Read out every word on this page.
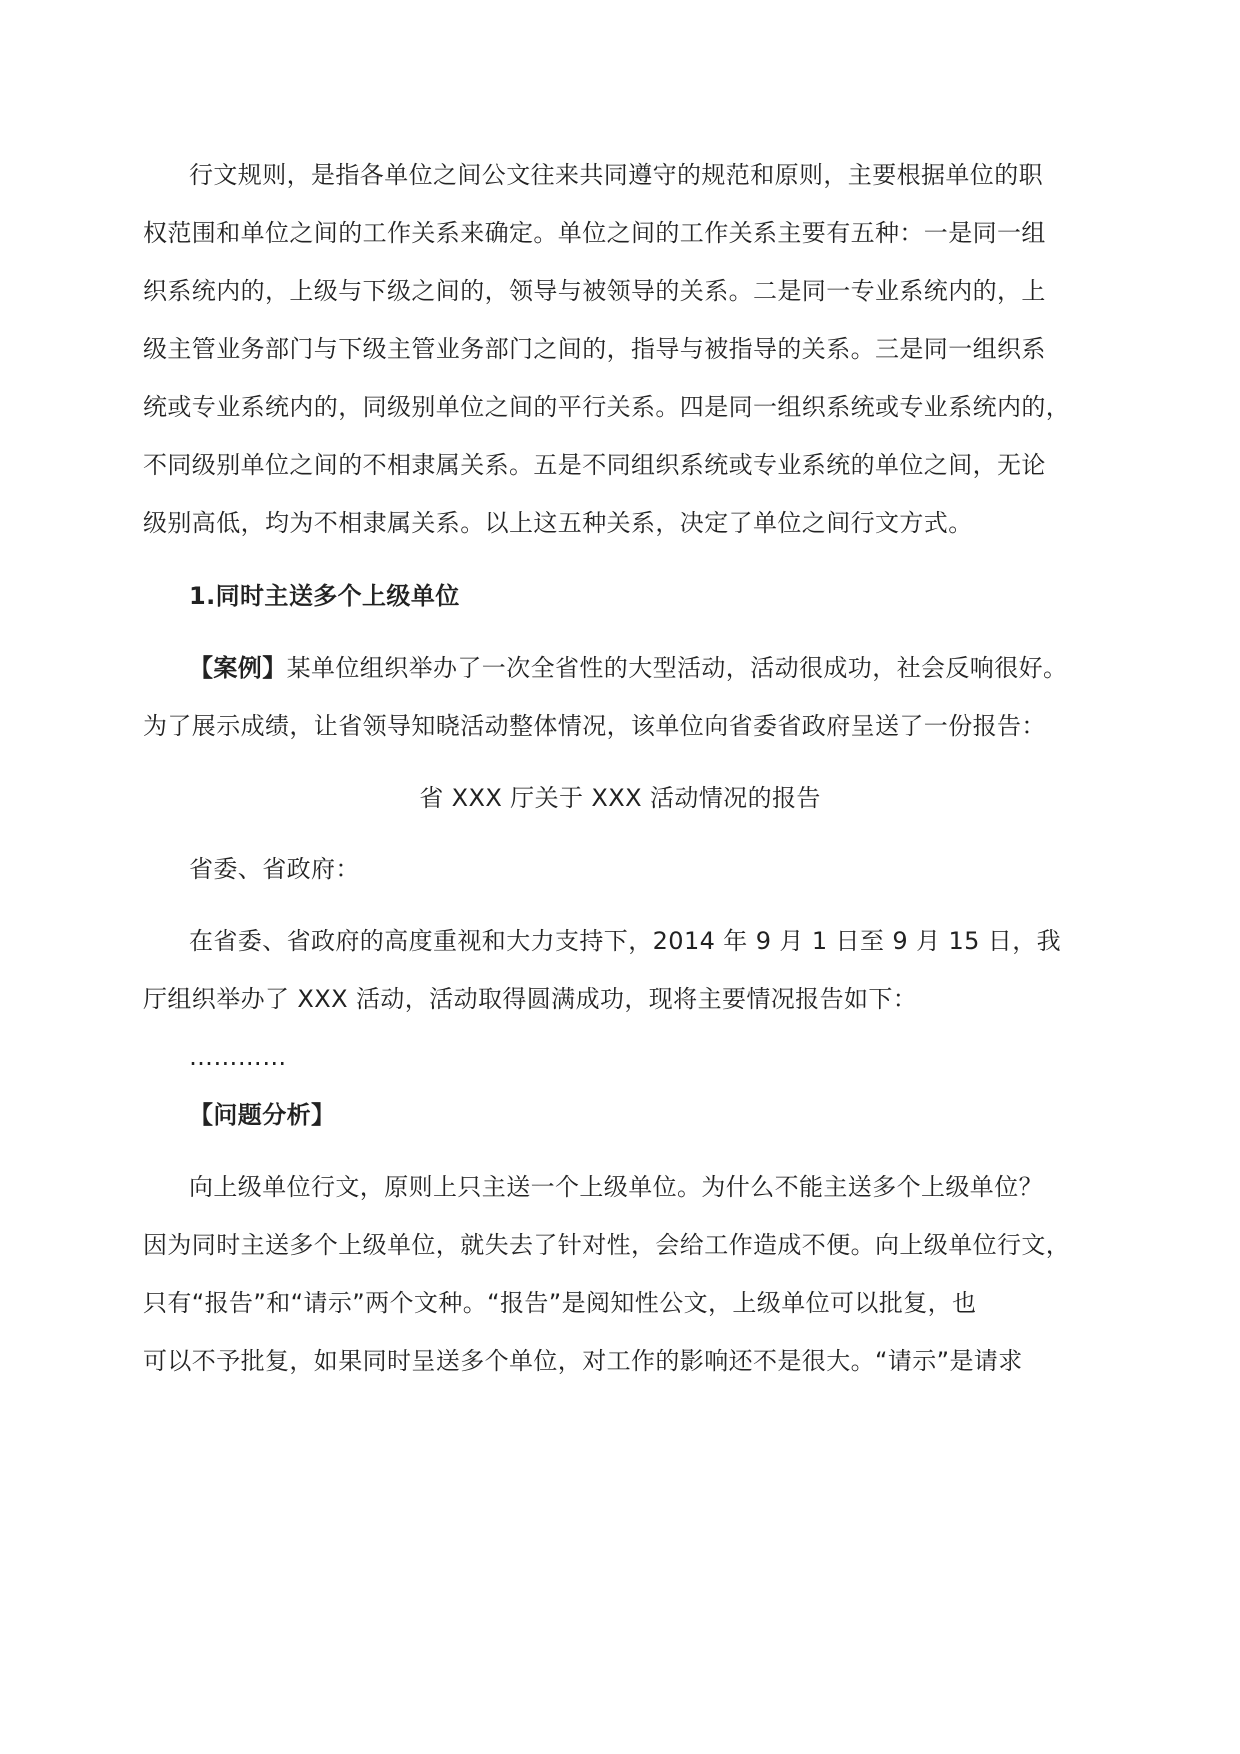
行文规则，是指各单位之间公文往来共同遵守的规范和原则，主要根据单位的职

权范围和单位之间的工作关系来确定。单位之间的工作关系主要有五种：一是同一组

织系统内的，上级与下级之间的，领导与被领导的关系。二是同一专业系统内的，上

级主管业务部门与下级主管业务部门之间的，指导与被指导的关系。三是同一组织系

统或专业系统内的，同级别单位之间的平行关系。四是同一组织系统或专业系统内的，

不同级别单位之间的不相隶属关系。五是不同组织系统或专业系统的单位之间，无论

级别高低，均为不相隶属关系。以上这五种关系，决定了单位之间行文方式。

1.同时主送多个上级单位

【案例】某单位组织举办了一次全省性的大型活动，活动很成功，社会反响很好。

为了展示成绩，让省领导知晓活动整体情况，该单位向省委省政府呈送了一份报告：

省 XXX 厅关于 XXX 活动情况的报告

省委、省政府：

在省委、省政府的高度重视和大力支持下，2014 年 9 月 1 日至 9 月 15 日，我

厅组织举办了 XXX 活动，活动取得圆满成功，现将主要情况报告如下：

…………

【问题分析】

向上级单位行文，原则上只主送一个上级单位。为什么不能主送多个上级单位？

因为同时主送多个上级单位，就失去了针对性，会给工作造成不便。向上级单位行文，

只有“报告”和“请示”两个文种。“报告”是阅知性公文，上级单位可以批复，也

可以不予批复，如果同时呈送多个单位，对工作的影响还不是很大。“请示”是请求
